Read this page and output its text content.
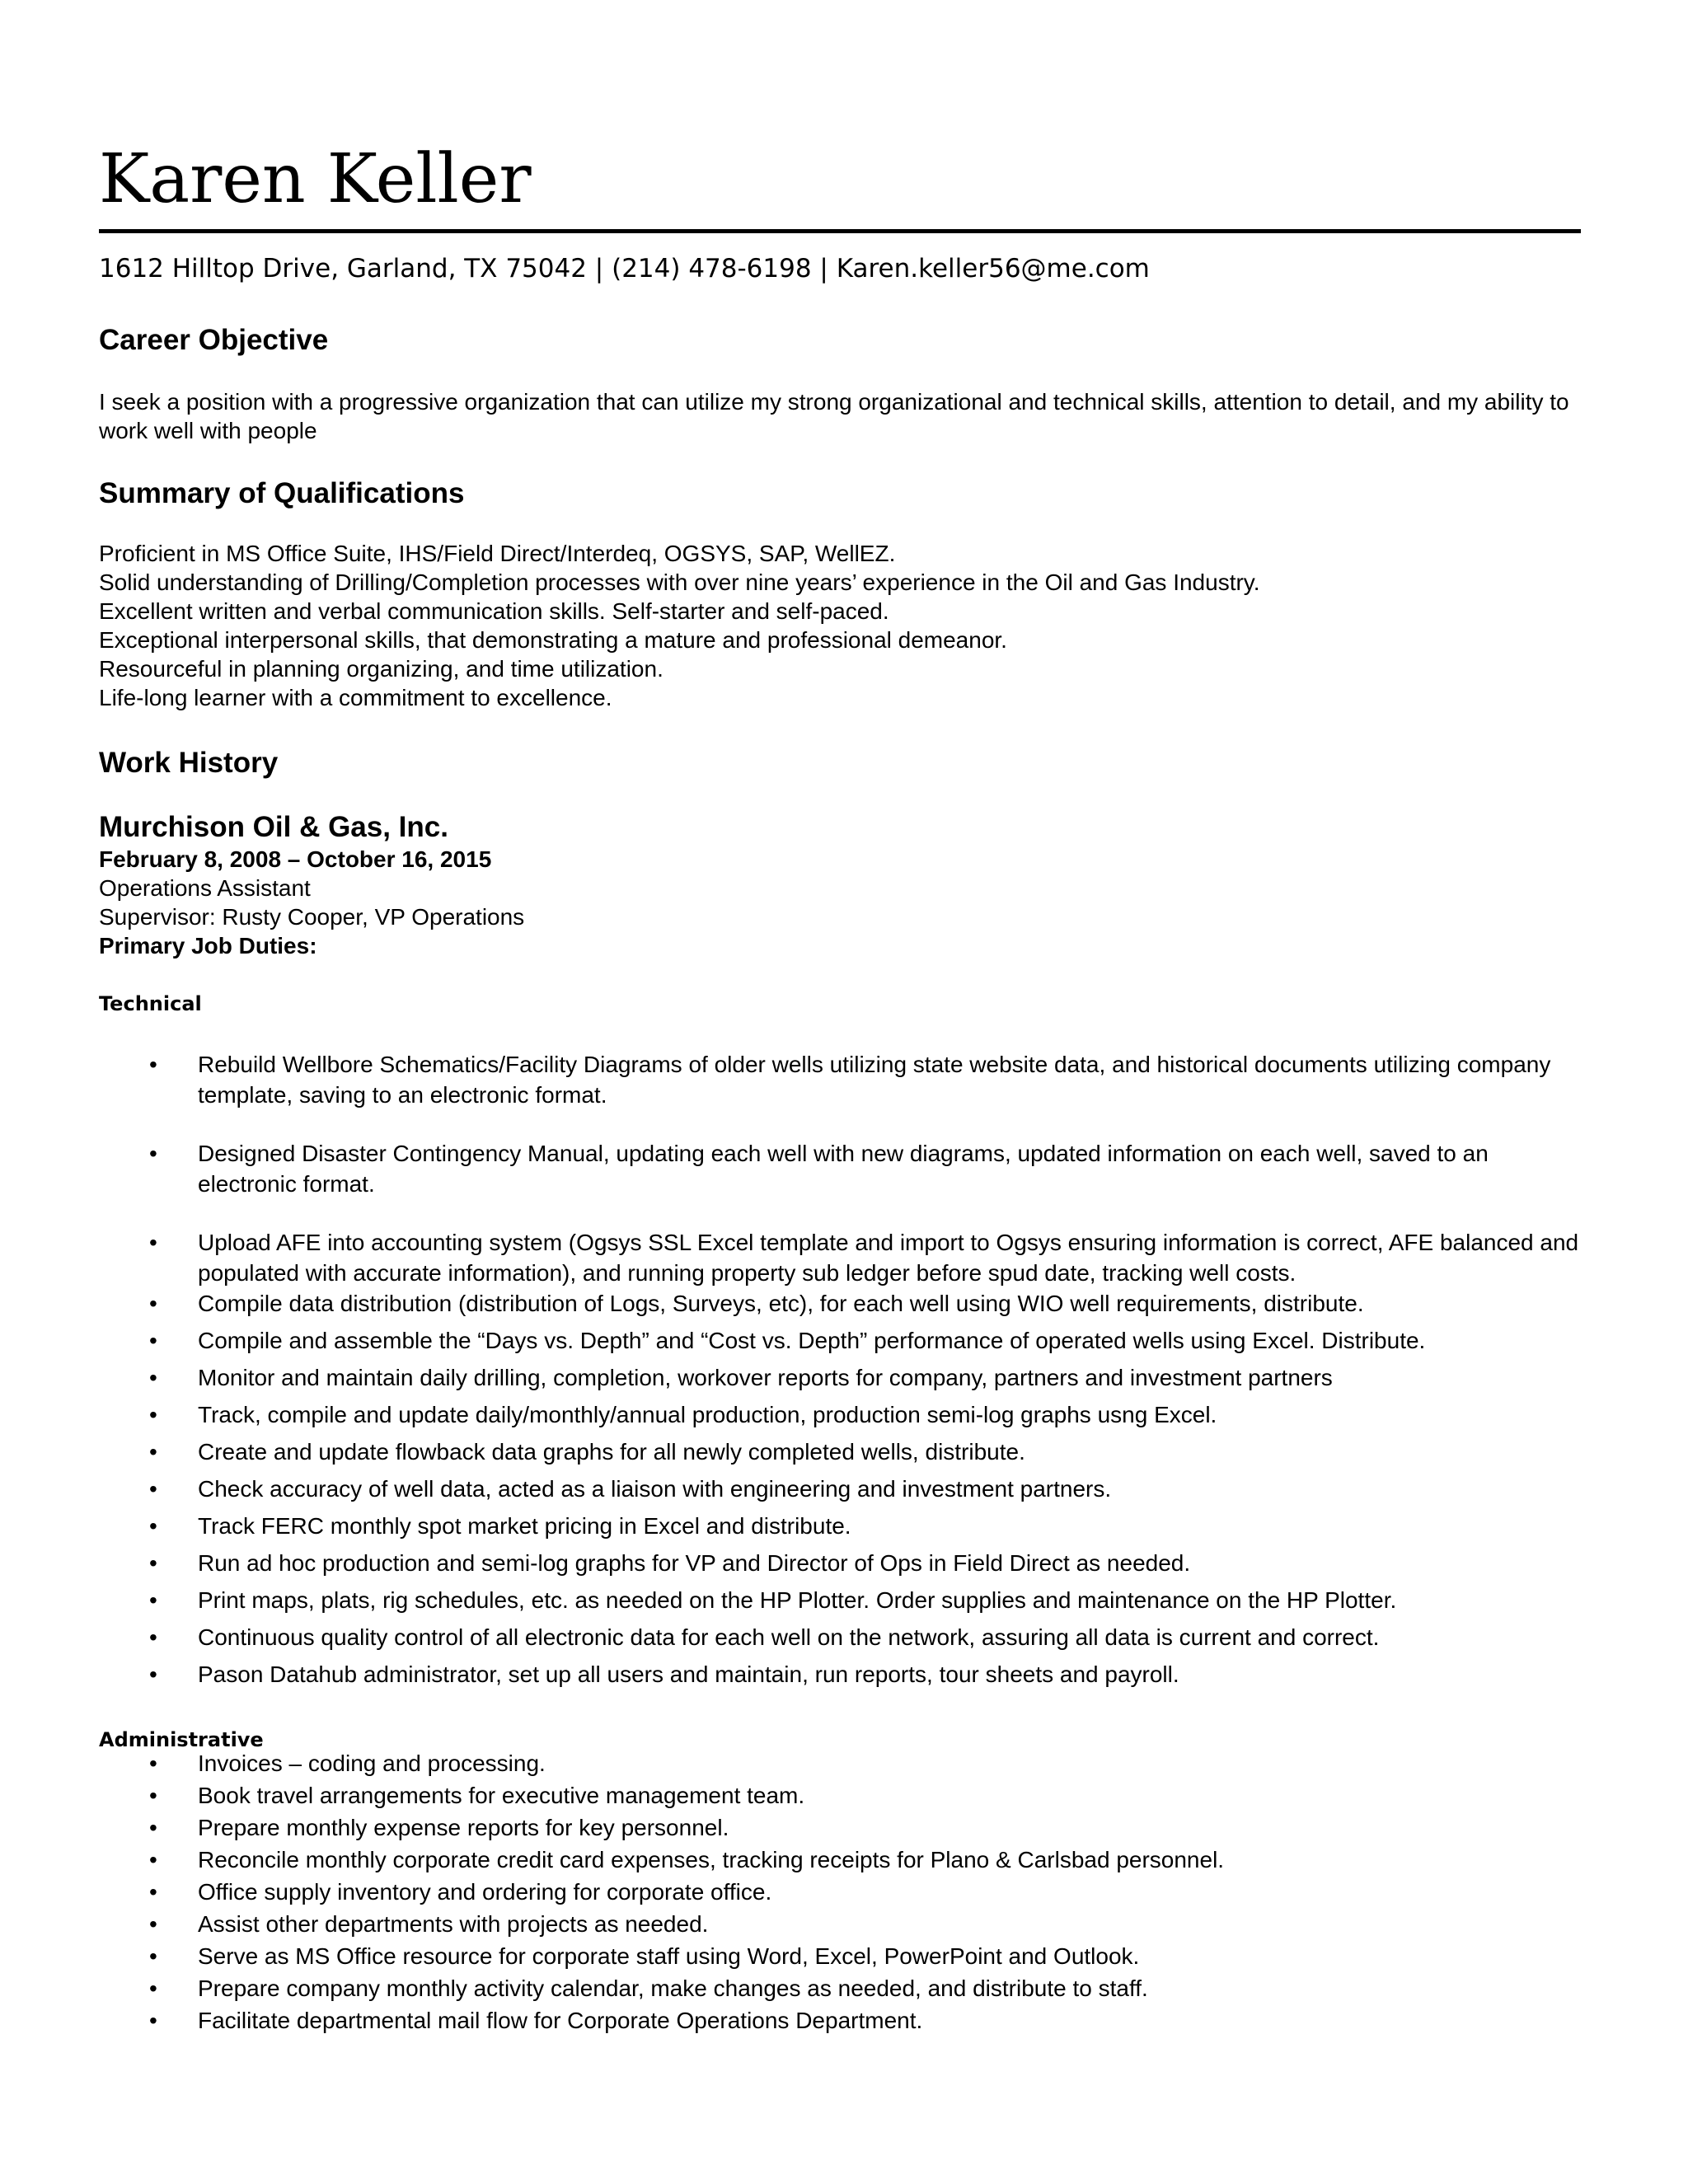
Karen Keller
1612 Hilltop Drive, Garland, TX 75042 | (214) 478-6198 | Karen.keller56@me.com
Career Objective
I seek a position with a progressive organization that can utilize my strong organizational and technical skills, attention to detail, and my ability to work well with people
Summary of Qualifications
Proficient in MS Office Suite, IHS/Field Direct/Interdeq, OGSYS, SAP, WellEZ.
Solid understanding of Drilling/Completion processes with over nine years’ experience in the Oil and Gas Industry.
Excellent written and verbal communication skills. Self-starter and self-paced.
Exceptional interpersonal skills, that demonstrating a mature and professional demeanor.
Resourceful in planning organizing, and time utilization.
Life-long learner with a commitment to excellence.
Work History
Murchison Oil & Gas, Inc.
February 8, 2008 – October 16, 2015
Operations Assistant
Supervisor: Rusty Cooper, VP Operations
Primary Job Duties:
Technical
• Rebuild Wellbore Schematics/Facility Diagrams of older wells utilizing state website data, and historical documents utilizing company template, saving to an electronic format.
• Designed Disaster Contingency Manual, updating each well with new diagrams, updated information on each well, saved to an electronic format.
• Upload AFE into accounting system (Ogsys SSL Excel template and import to Ogsys ensuring information is correct, AFE balanced and populated with accurate information), and running property sub ledger before spud date, tracking well costs.
• Compile data distribution (distribution of Logs, Surveys, etc), for each well using WIO well requirements, distribute.
• Compile and assemble the “Days vs. Depth” and “Cost vs. Depth” performance of operated wells using Excel. Distribute.
• Monitor and maintain daily drilling, completion, workover reports for company, partners and investment partners
• Track, compile and update daily/monthly/annual production, production semi-log graphs usng Excel.
• Create and update flowback data graphs for all newly completed wells, distribute.
• Check accuracy of well data, acted as a liaison with engineering and investment partners.
• Track FERC monthly spot market pricing in Excel and distribute.
• Run ad hoc production and semi-log graphs for VP and Director of Ops in Field Direct as needed.
• Print maps, plats, rig schedules, etc. as needed on the HP Plotter. Order supplies and maintenance on the HP Plotter.
• Continuous quality control of all electronic data for each well on the network, assuring all data is current and correct.
• Pason Datahub administrator, set up all users and maintain, run reports, tour sheets and payroll.
Administrative
• Invoices – coding and processing.
• Book travel arrangements for executive management team.
• Prepare monthly expense reports for key personnel.
• Reconcile monthly corporate credit card expenses, tracking receipts for Plano & Carlsbad personnel.
• Office supply inventory and ordering for corporate office.
• Assist other departments with projects as needed.
• Serve as MS Office resource for corporate staff using Word, Excel, PowerPoint and Outlook.
• Prepare company monthly activity calendar, make changes as needed, and distribute to staff.
• Facilitate departmental mail flow for Corporate Operations Department.
